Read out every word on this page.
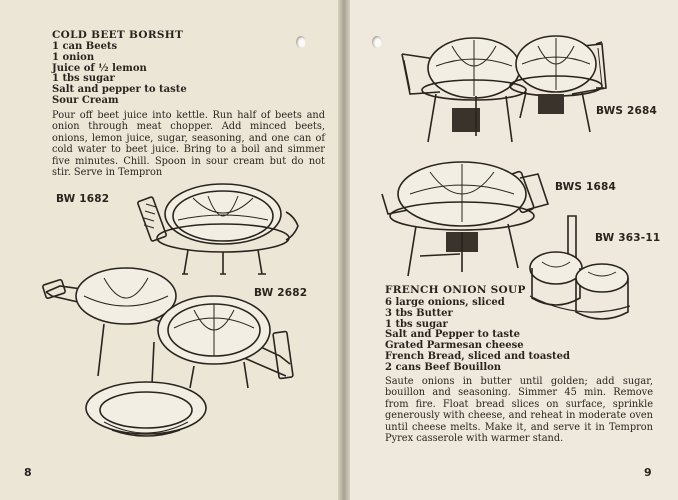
COLD BEET BORSHT
1 can Beets
1 onion
Juice of ½ lemon
1 tbs sugar
Salt and pepper to taste
Sour Cream

Pour off beet juice into kettle. Run half of beets and onion through meat chopper. Add minced beets, onions, lemon juice, sugar, seasoning, and one can of cold water to beet juice. Bring to a boil and simmer five minutes. Chill. Spoon in sour cream but do not stir. Serve in Tempron

BW 1682
BW 2682
8
BWS 2684
BWS 1684
BW 363-11
FRENCH ONION SOUP
6 large onions, sliced
3 tbs Butter
1 tbs sugar
Salt and Pepper to taste
Grated Parmesan cheese
French Bread, sliced and toasted
2 cans Beef Bouillon

Saute onions in butter until golden; add sugar, bouillon and seasoning. Simmer 45 min. Remove from fire. Float bread slices on surface, sprinkle generously with cheese, and reheat in moderate oven until cheese melts. Make it, and serve it in Tempron Pyrex casserole with warmer stand.

9
